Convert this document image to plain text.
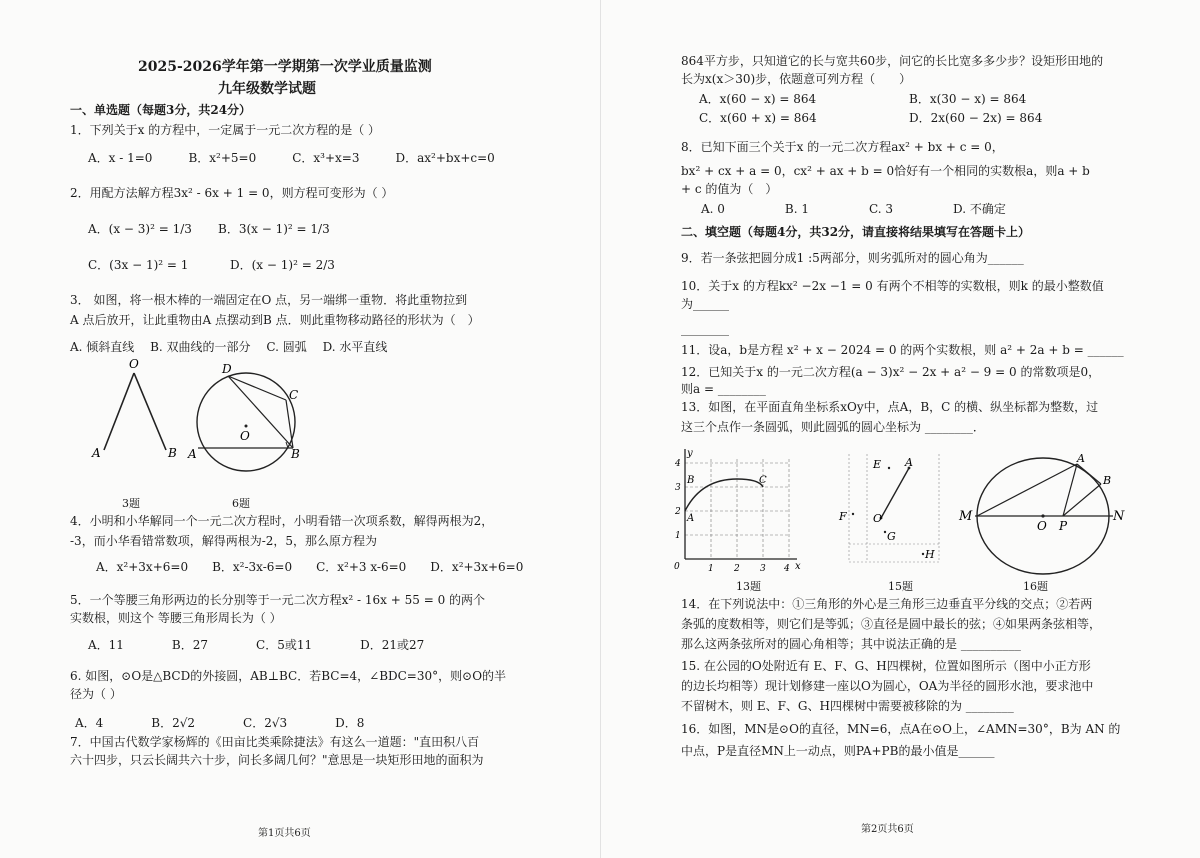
2025-2026学年第一学期第一次学业质量监测
九年级数学试题
一、单选题（每题3分，共24分）
1．下列关于x 的方程中，一定属于一元二次方程的是（ ）
A．x - 1=0　　　B．x²+5=0　　　C．x³+x=3　　　D．ax²+bx+c=0
2．用配方法解方程3x² - 6x + 1 = 0，则方程可变形为（ ）
A．(x − 3)² = 1/3 B．3(x − 1)² = 1/3
C．(3x − 1)² = 1	D．(x − 1)² = 2/3
3． 如图，将一根木棒的一端固定在O 点，另一端绑一重物．将此重物拉到
A 点后放开，让此重物由A 点摆动到B 点．则此重物移动路径的形状为（　）
A. 倾斜直线　 B. 双曲线的一部分　 C. 圆弧　 D. 水平直线
O
A	B
D
C
O
A	B
3题	6题
4．小明和小华解同一个一元二次方程时，小明看错一次项系数，解得两根为2，
-3，而小华看错常数项，解得两根为-2，5，那么原方程为
A．x²+3x+6=0　　B．x²-3x-6=0　　C．x²+3 x-6=0　　D．x²+3x+6=0
5．一个等腰三角形两边的长分别等于一元二次方程x² - 16x + 55 = 0 的两个
实数根，则这个 等腰三角形周长为（ ）
A．11　　　　B．27　　　　C．5或11　　　　D．21或27
6. 如图，⊙O是△BCD的外接圆，AB⊥BC．若BC=4，∠BDC=30°，则⊙O的半
径为（ ）
A．4　　　　B．2√2　　　　C．2√3　　　　D．8
7．中国古代数学家杨辉的《田亩比类乘除捷法》有这么一道题："直田积八百
六十四步，只云长阔共六十步，问长多阔几何？"意思是一块矩形田地的面积为
第1页共6页
864平方步，只知道它的长与宽共60步，问它的长比宽多多少步？设矩形田地的
长为x(x＞30)步，依题意可列方程（　　）
A．x(60 − x) = 864	B．x(30 − x) = 864
C．x(60 + x) = 864	D．2x(60 − 2x) = 864
8．已知下面三个关于x 的一元二次方程ax² + bx + c = 0，
bx² + cx + a = 0，cx² + ax + b = 0恰好有一个相同的实数根a，则a + b
+ c 的值为（　）
A. 0　　　　　B. 1　　　　　C. 3　　　　　D. 不确定
二、填空题（每题4分，共32分，请直接将结果填写在答题卡上）
9．若一条弦把圆分成1 :5两部分，则劣弧所对的圆心角为______
10．关于x 的方程kx² −2x −1 = 0 有两个不相等的实数根，则k 的最小整数值
为______
________
11．设a，b是方程 x² + x − 2024 = 0 的两个实数根，则 a² + 2a + b = ______
12．已知关于x 的一元二次方程(a − 3)x² − 2x + a² − 9 = 0 的常数项是0，
则a = ________
13．如图，在平面直角坐标系xOy中，点A，B，C 的横、纵坐标都为整数，过
这三个点作一条圆弧，则此圆弧的圆心坐标为 ________．
y
x
0	1 2 3 4
4
3
2
1
A
B	C
E A
F O
G
H
M	N
A
B
O P
13题	15题	16题
14．在下列说法中：①三角形的外心是三角形三边垂直平分线的交点；②若两
条弧的度数相等，则它们是等弧；③直径是圆中最长的弦；④如果两条弦相等，
那么这两条弦所对的圆心角相等；其中说法正确的是 __________
15. 在公园的O处附近有 E、F、G、H四棵树，位置如图所示（图中小正方形
的边长均相等）现计划修建一座以O为圆心，OA为半径的圆形水池，要求池中
不留树木，则 E、F、G、H四棵树中需要被移除的为 ________
16．如图，MN是⊙O的直径，MN=6，点A在⊙O上，∠AMN=30°，B为 AN 的
中点，P是直径MN上一动点，则PA+PB的最小值是______
第2页共6页
